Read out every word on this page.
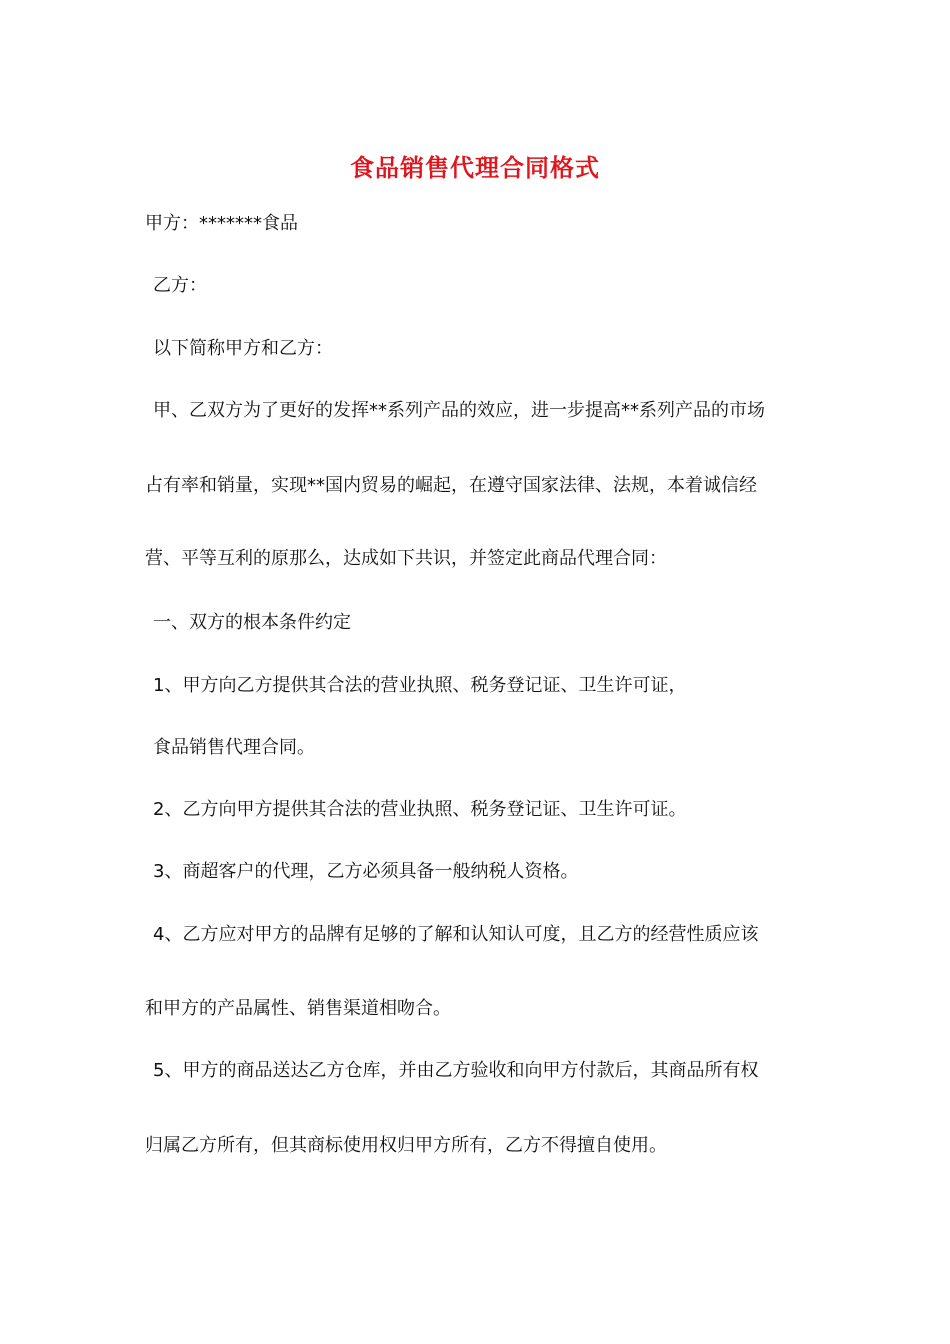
食品销售代理合同格式

甲方：*******食品

乙方：

以下简称甲方和乙方：

甲、乙双方为了更好的发挥**系列产品的效应，进一步提高**系列产品的市场

占有率和销量，实现**国内贸易的崛起，在遵守国家法律、法规，本着诚信经

营、平等互利的原那么，达成如下共识，并签定此商品代理合同：

一、双方的根本条件约定

1、甲方向乙方提供其合法的营业执照、税务登记证、卫生许可证，

食品销售代理合同。

2、乙方向甲方提供其合法的营业执照、税务登记证、卫生许可证。

3、商超客户的代理，乙方必须具备一般纳税人资格。

4、乙方应对甲方的品牌有足够的了解和认知认可度，且乙方的经营性质应该

和甲方的产品属性、销售渠道相吻合。

5、甲方的商品送达乙方仓库，并由乙方验收和向甲方付款后，其商品所有权

归属乙方所有，但其商标使用权归甲方所有，乙方不得擅自使用。
